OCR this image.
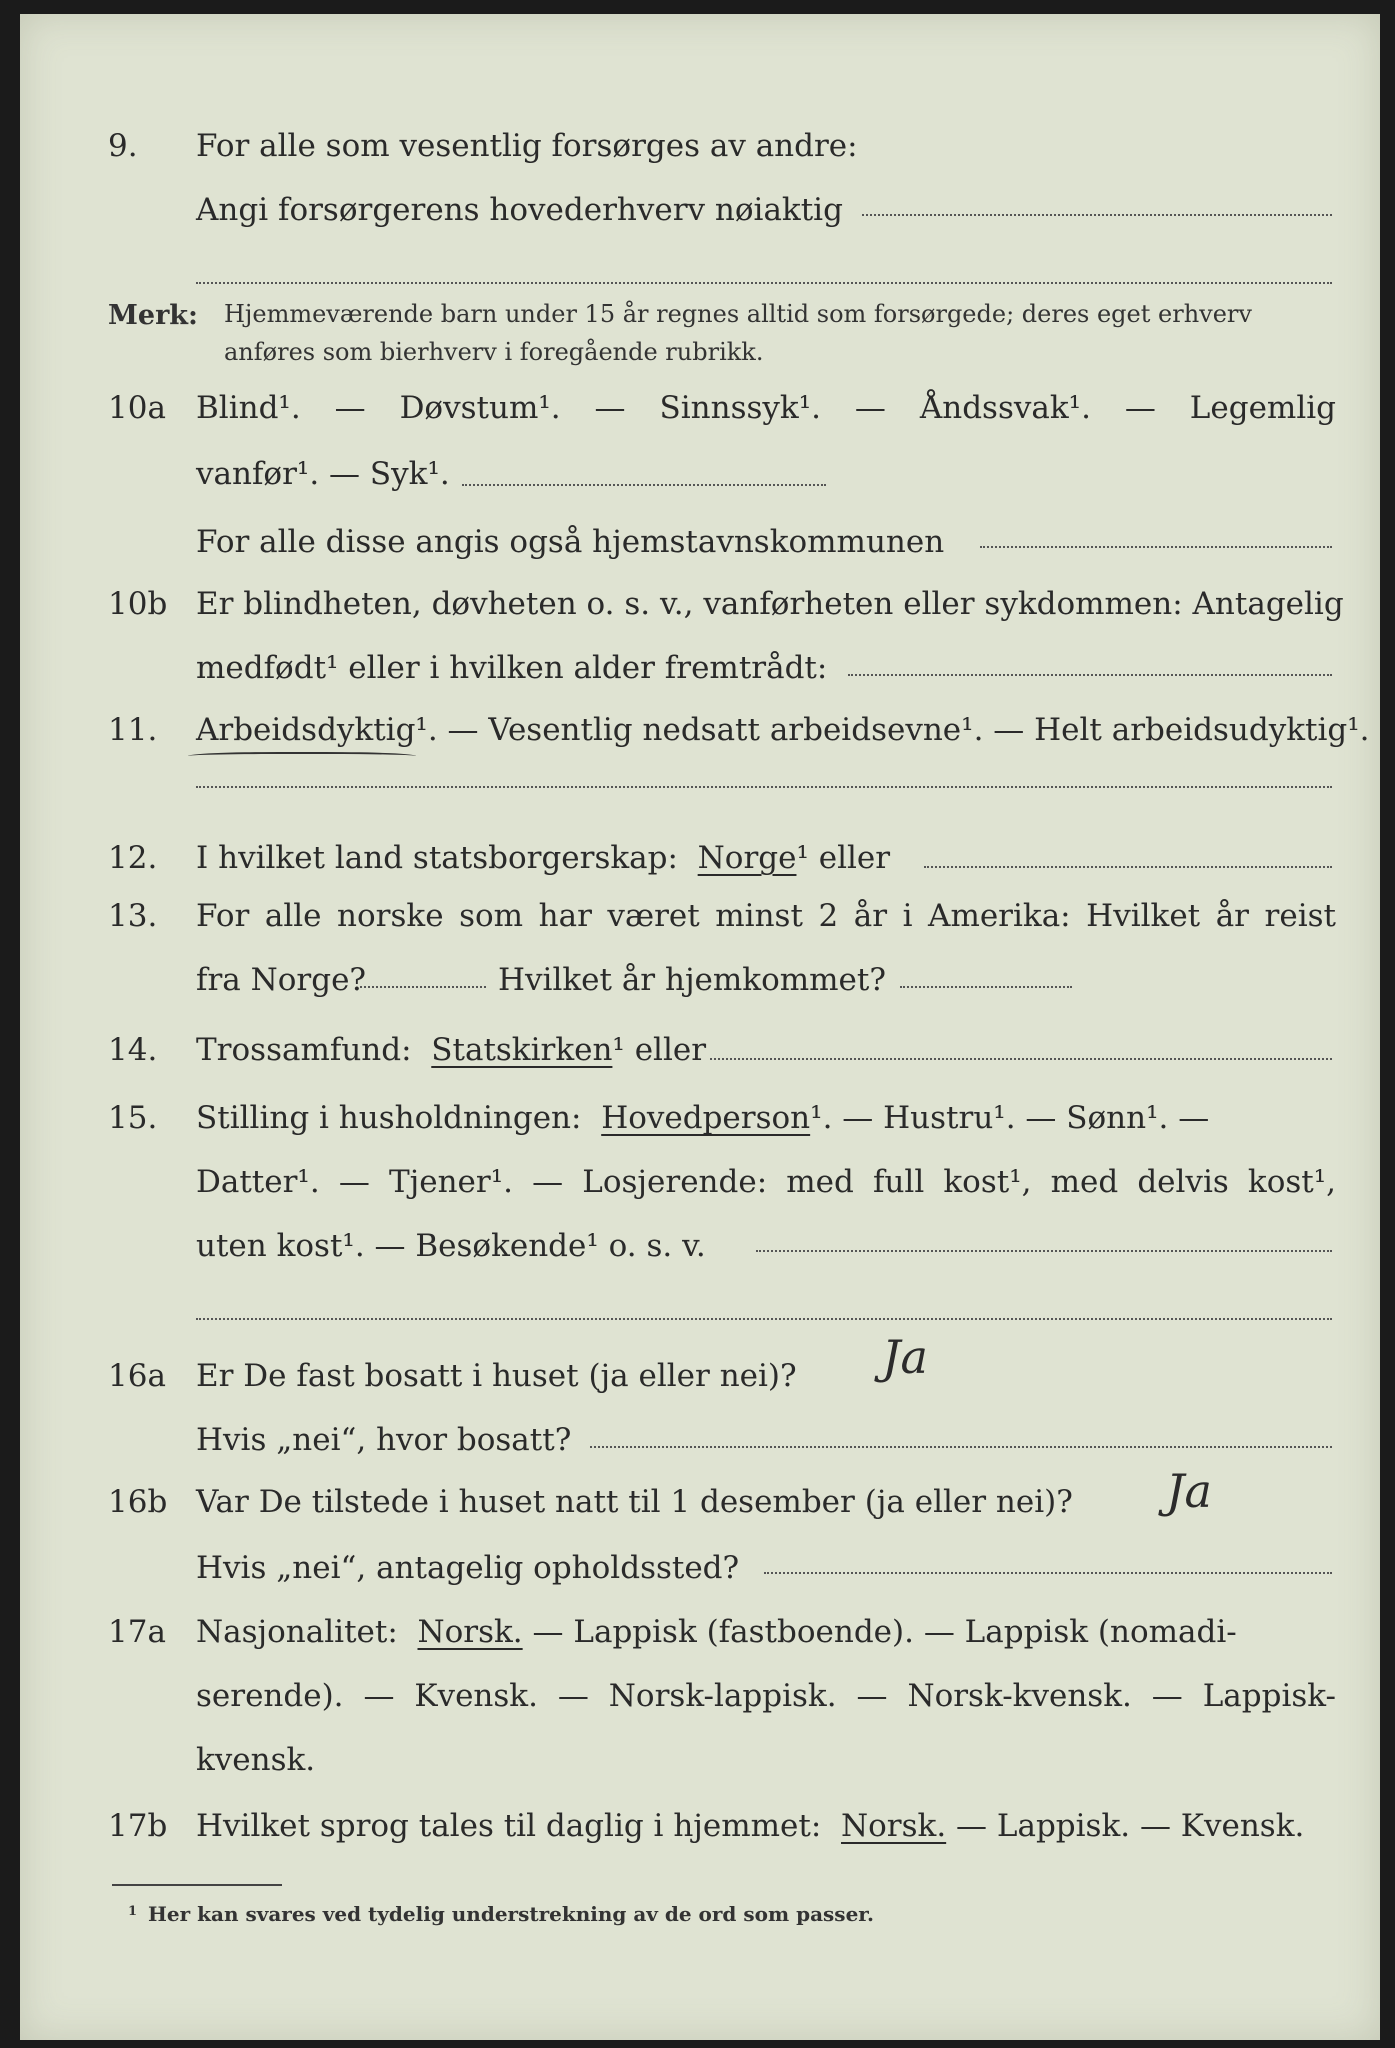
9. For alle som vesentlig forsørges av andre:
Angi forsørgerens hovederhverv nøiaktig
Merk: Hjemmeværende barn under 15 år regnes alltid som forsørgede; deres eget erhverv
anføres som bierhverv i foregående rubrikk.
10a Blind¹. — Døvstum¹. — Sinnssyk¹. — Åndssvak¹. — Legemlig
vanfør¹. — Syk¹.
For alle disse angis også hjemstavnskommunen
10b Er blindheten, døvheten o. s. v., vanførheten eller sykdommen: Antagelig
medfødt¹ eller i hvilken alder fremtrådt:
11. Arbeidsdyktig¹. — Vesentlig nedsatt arbeidsevne¹. — Helt arbeidsudyktig¹.
12. I hvilket land statsborgerskap: Norge¹ eller
13. For alle norske som har været minst 2 år i Amerika: Hvilket år reist
fra Norge?	Hvilket år hjemkommet?
14. Trossamfund: Statskirken¹ eller
15. Stilling i husholdningen: Hovedperson¹. — Hustru¹. — Sønn¹. —
Datter¹. — Tjener¹. — Losjerende: med full kost¹, med delvis kost¹,
uten kost¹. — Besøkende¹ o. s. v.
16a Er De fast bosatt i huset (ja eller nei)? Ja
Hvis „nei“, hvor bosatt?
16b Var De tilstede i huset natt til 1 desember (ja eller nei)? Ja
Hvis „nei“, antagelig opholdssted?
17a Nasjonalitet: Norsk. — Lappisk (fastboende). — Lappisk (nomadi-
serende). — Kvensk. — Norsk-lappisk. — Norsk-kvensk. — Lappisk-
kvensk.
17b Hvilket sprog tales til daglig i hjemmet: Norsk. — Lappisk. — Kvensk.
1 Her kan svares ved tydelig understrekning av de ord som passer.
